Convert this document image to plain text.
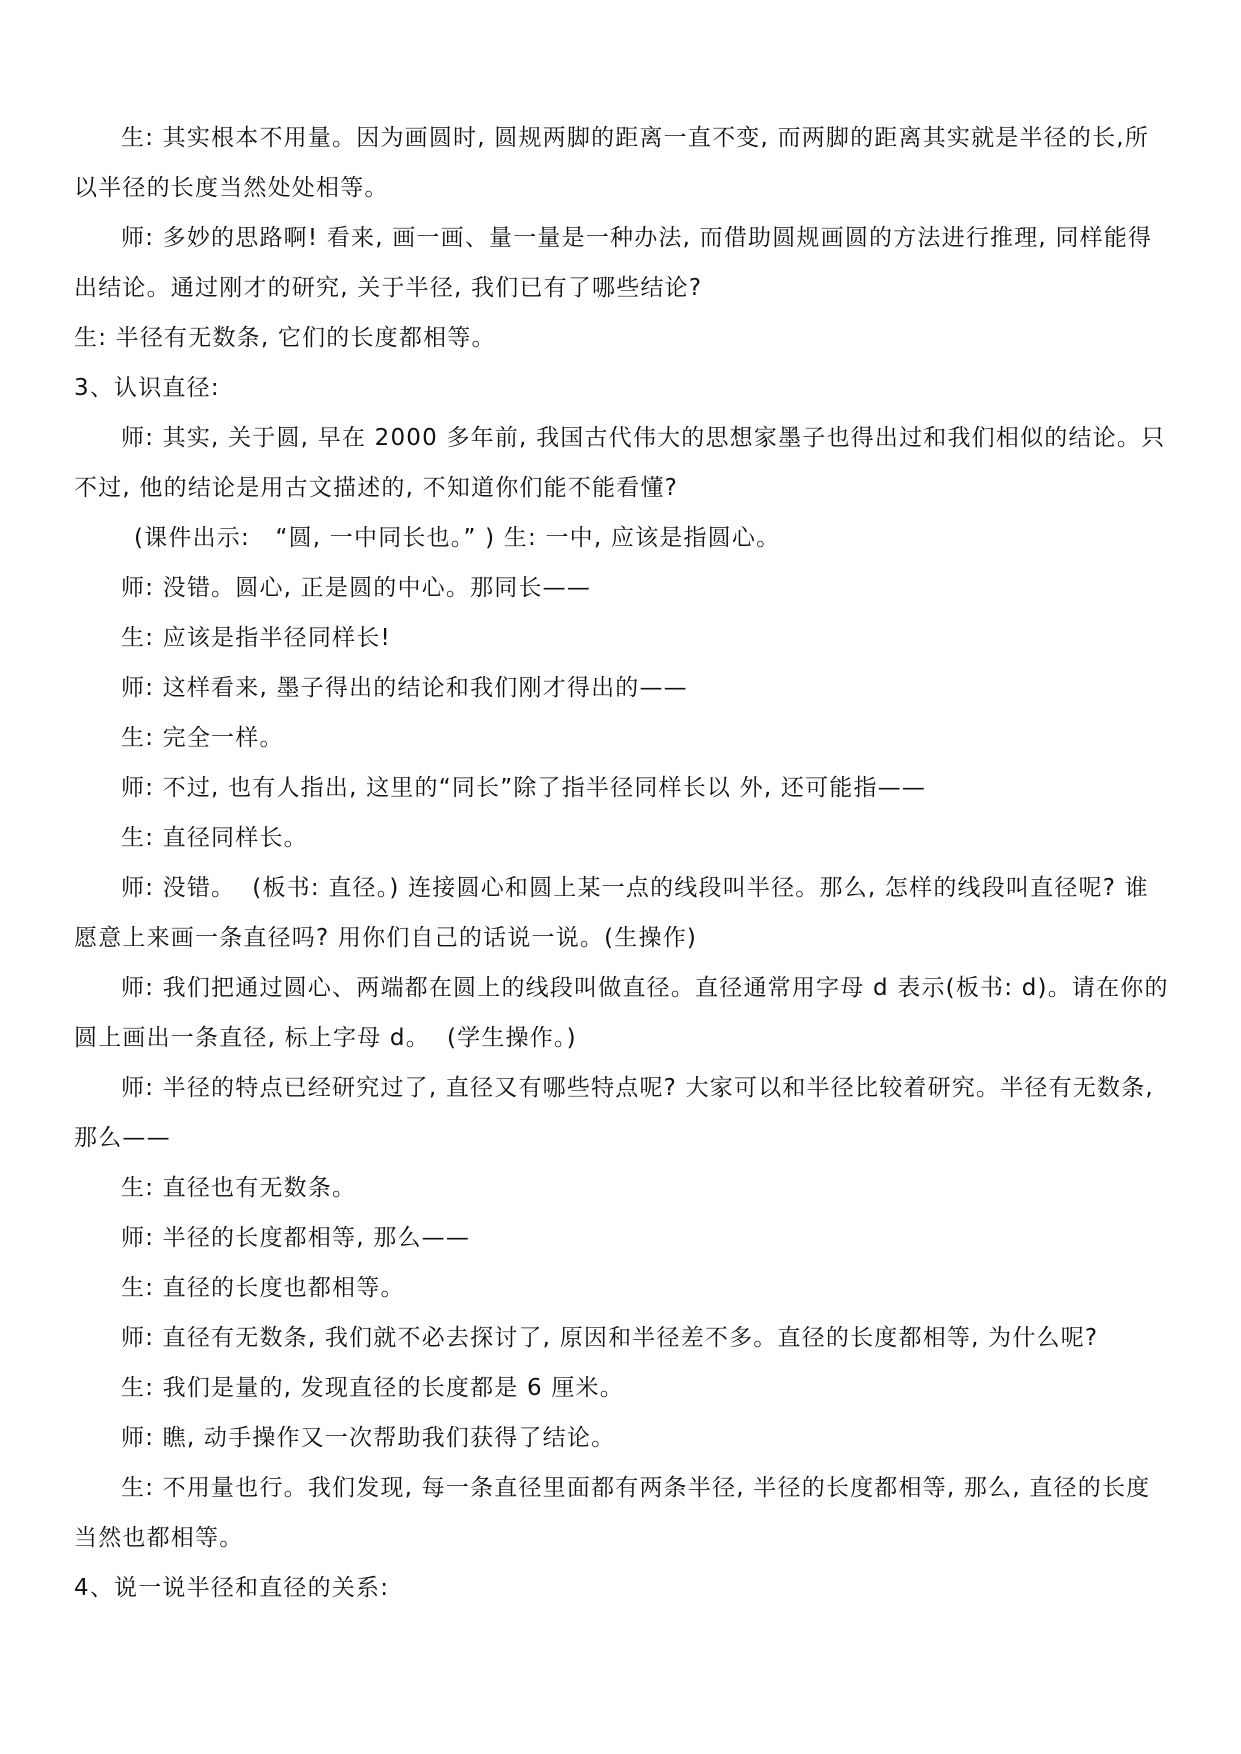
生: 其实根本不用量。因为画圆时, 圆规两脚的距离一直不变, 而两脚的距离其实就是半径的长,所以半径的长度当然处处相等。

师: 多妙的思路啊! 看来, 画一画、量一量是一种办法, 而借助圆规画圆的方法进行推理, 同样能得出结论。通过刚才的研究, 关于半径, 我们已有了哪些结论?

生: 半径有无数条, 它们的长度都相等。

3、认识直径:

师: 其实, 关于圆, 早在 2000 多年前, 我国古代伟大的思想家墨子也得出过和我们相似的结论。只不过, 他的结论是用古文描述的, 不知道你们能不能看懂?

(课件出示:   “圆, 一中同长也。” ) 生: 一中, 应该是指圆心。

师: 没错。圆心, 正是圆的中心。那同长——

生: 应该是指半径同样长!

师: 这样看来, 墨子得出的结论和我们刚才得出的——

生: 完全一样。

师: 不过, 也有人指出, 这里的“同长”除了指半径同样长以 外, 还可能指——

生: 直径同样长。

师: 没错。  (板书: 直径。) 连接圆心和圆上某一点的线段叫半径。那么, 怎样的线段叫直径呢? 谁愿意上来画一条直径吗? 用你们自己的话说一说。(生操作)

师: 我们把通过圆心、两端都在圆上的线段叫做直径。直径通常用字母 d 表示(板书: d)。请在你的圆上画出一条直径, 标上字母 d。  (学生操作。)

师: 半径的特点已经研究过了, 直径又有哪些特点呢? 大家可以和半径比较着研究。半径有无数条, 那么——

生: 直径也有无数条。

师: 半径的长度都相等, 那么——

生: 直径的长度也都相等。

师: 直径有无数条, 我们就不必去探讨了, 原因和半径差不多。直径的长度都相等, 为什么呢?

生: 我们是量的, 发现直径的长度都是 6 厘米。

师: 瞧, 动手操作又一次帮助我们获得了结论。

生: 不用量也行。我们发现, 每一条直径里面都有两条半径, 半径的长度都相等, 那么, 直径的长度当然也都相等。

4、说一说半径和直径的关系:
